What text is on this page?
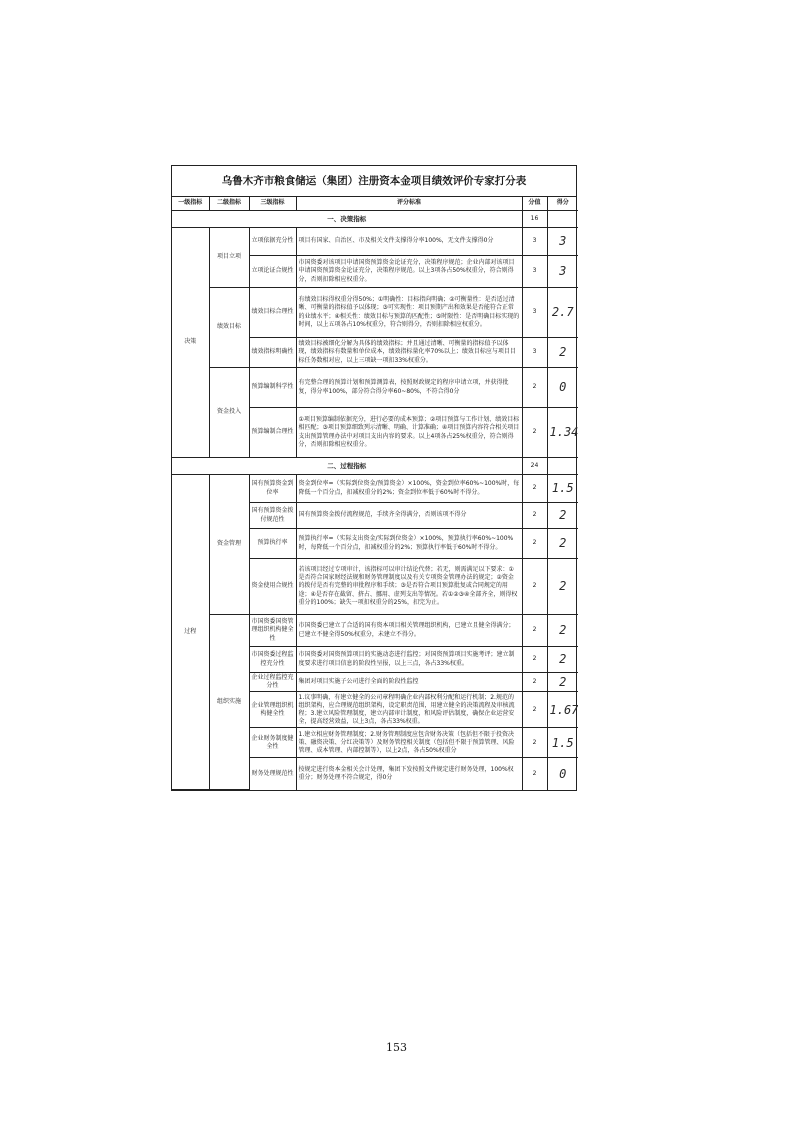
乌鲁木齐市粮食储运（集团）注册资本金项目绩效评价专家打分表
一级指标	二级指标	三级指标	评分标准	分值	得分
一、决策指标				16	
决策	项目立项	立项依据充分性	项目有国家、自治区、市及相关文件支撑得分率100%，无文件支撑得0分	3	3
		立项论证合规性	市国资委对该项目申请国资预算资金论证充分，决策程序规范；企业内部对该项目申请国资预算资金论证充分，决策程序规范。以上3项各占50%权重分，符合则得分，否则扣除相应权重分。	3	3
	绩效目标	绩效目标合理性	有绩效目标得权重分得50%；①明确性：目标指向明确；②可衡量性：是否适过清晰、可衡量的指标值予以体现；③可实现性：项目预期产出和效果是否能符合正常的业绩水平；④相关性：绩效目标与预算的匹配性；⑤时限性：是否明确目标实现的时间，以上五项各占10%权重分，符合则得分，否则扣除相应权重分。	3	2.7
		绩效指标明确性	绩效目标被细化分解为具体的绩效指标；并且通过清晰、可衡量的指标值予以体现，绩效指标有数量和单位成本，绩效指标量化率70%以上；绩效目标应与项目目标任务数相对应，以上三项缺一项扣33%权重分。	3	2
	资金投入	预算编制科学性	有完整合理的预算计划和预算测算表，按照财政规定的程序申请立项，并获得批复，得分率100%，部分符合得分率60~80%，不符合得0分	2	0
		预算编制合理性	①项目预算编制依据充分，进行必要的成本预算；②项目预算与工作计划、绩效目标相匹配；③项目预算细致列示清晰、明确、计算准确；④项目预算内容符合相关项目支出预算管理办法中对项目支出内容的要求。以上4项各占25%权重分，符合则得分，否则扣除相应权重分。	2	1.34
二、过程指标				24	
过程	资金管理	国有预算资金到位率	资金到位率=（实际到位资金/预算资金）×100%，资金到位率60%~100%时，每降低一个百分点，扣减权重分的2%；资金到位率低于60%时不得分。	2	1.5
		国有预算资金拨付规范性	国有预算资金拨付流程规范，手续齐全得满分，否则该项不得分	2	2
		预算执行率	预算执行率=（实际支出资金/实际到位资金）×100%，预算执行率60%~100%时，每降低一个百分点，扣减权重分的2%；预算执行率低于60%时不得分。	2	2
		资金使用合规性	若该项目经过专项审计，该指标可以审计结论代替；若无，则需满足以下要求：①是否符合国家财经法规和财务管理制度以及有关专项资金管理办法的规定；②资金的拨付是否有完整的审批程序和手续；③是否符合项目预算批复或合同规定的用途；④是否存在截留、挤占、挪用、虚列支出等情况。若①②③④全部齐全，则得权重分的100%；缺失一项扣权重分的25%，扣完为止。	2	2
	组织实施	市国资委国资管理组织机构健全性	市国资委已建立了合适的国有资本项目相关管理组织机构，已建立且健全得满分；已建立不健全得50%权重分，未建立不得分。	2	2
		市国资委过程监控充分性	市国资委对国资预算项目的实施动态进行监控；对国资预算项目实施考评；建立制度要求进行项目信息的阶段性呈报，以上三点，各占33%权重。	2	2
		企业过程监控充分性	集团对项目实施子公司进行全面的阶段性监控	2	2
		企业管理组织机构健全性	1.议事明确，有建立健全的公司章程明确企业内部权利分配和运行机制；2.规范的组织架构，应合理规范组织架构，设定职责范围，用建立健全的决策流程及审核流程；3.建立风险管理制度，建立内部审计制度，和风险评估制度，确保企业运营安全，提高经营效益，以上3点，各占33%权重。	2	1.67
		企业财务制度健全性	1.建立相应财务管理制度；2.财务管理制度应包含财务决策（包括但不限于投资决策、融资决策、分红决策等）及财务管控相关制度（包括但不限于预算管理、风险管理、成本管理、内部控制等），以上2点，各占50%权重分	2	1.5
		财务处理规范性	按规定进行资本金相关会计处理，集团下发按照文件规定进行财务处理，100%权重分；财务处理不符合规定，得0分	2	0
153
